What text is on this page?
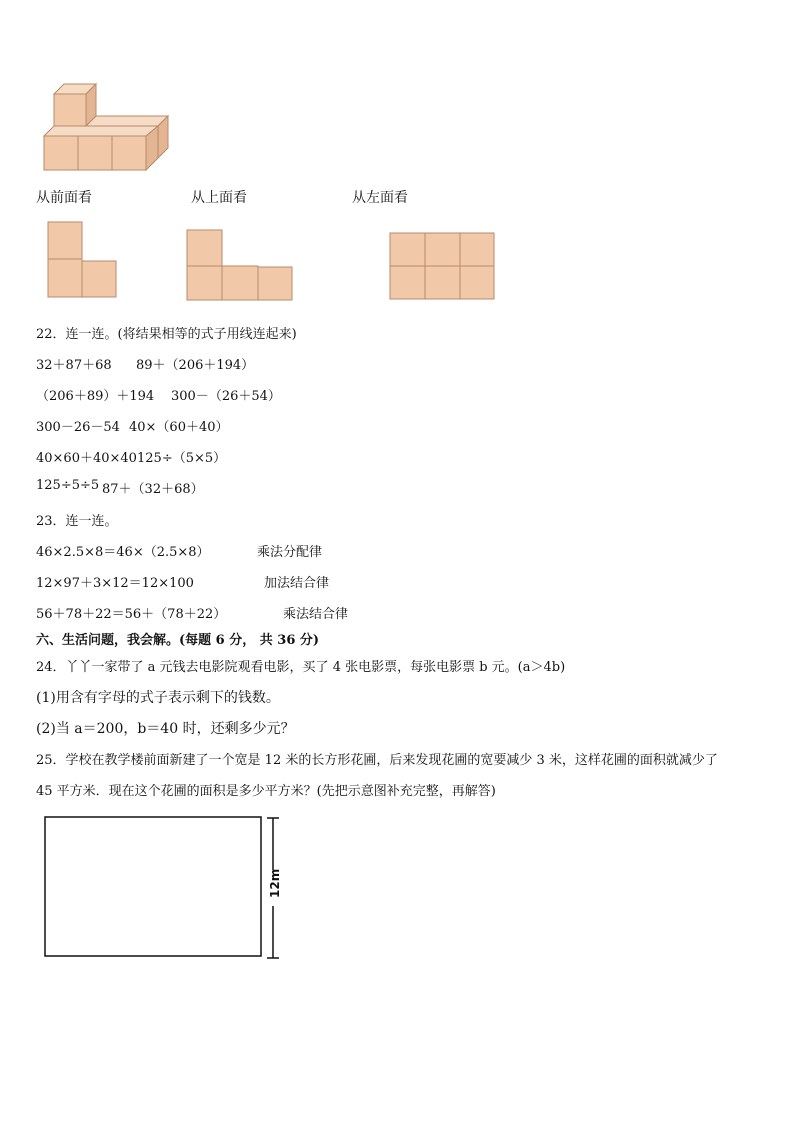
从前面看	从上面看	从左面看
22．连一连。(将结果相等的式子用线连起来)
32＋87＋68 89＋（206＋194）
（206＋89）＋194 300－（26＋54）
300－26－54 40×（60＋40）
40×60＋40×40 125÷（5×5）
125÷5÷5 87＋（32＋68）
23．连一连。
46×2.5×8＝46×（2.5×8）	乘法分配律
12×97＋3×12＝12×100	加法结合律
56＋78＋22＝56＋（78＋22）	乘法结合律
六、生活问题，我会解。(每题 6 分， 共 36 分)
24．丫丫一家带了 a 元钱去电影院观看电影，买了 4 张电影票，每张电影票 b 元。(a＞4b)
(1)用含有字母的式子表示剩下的钱数。
(2)当 a＝200，b＝40 时，还剩多少元？
25．学校在教学楼前面新建了一个宽是 12 米的长方形花圃，后来发现花圃的宽要减少 3 米，这样花圃的面积就减少了
45 平方米．现在这个花圃的面积是多少平方米？(先把示意图补充完整，再解答)
12m
